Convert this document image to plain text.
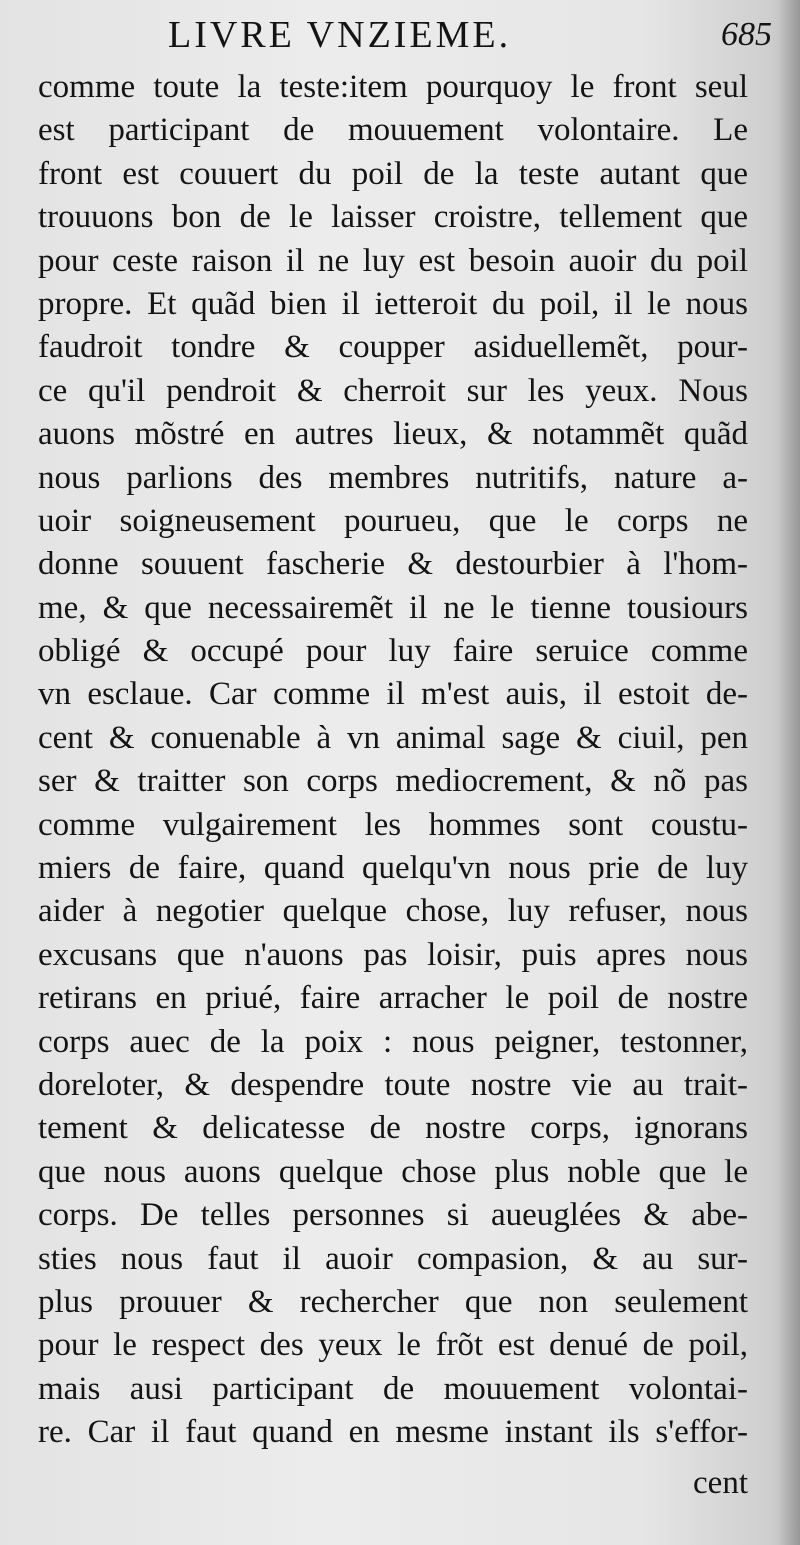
LIVRE VNZIEME.	685
comme toute la teste:item pourquoy le front seul
est participant de mouuement volontaire. Le
front est couuert du poil de la teste autant que
trouuons bon de le laisser croistre, tellement que
pour ceste raison il ne luy est besoin auoir du poil
propre. Et quãd bien il ietteroit du poil, il le nous
faudroit tondre & coupper asiduellemẽt, pour-
ce qu'il pendroit & cherroit sur les yeux. Nous
auons mõstré en autres lieux, & notammẽt quãd
nous parlions des membres nutritifs, nature a-
uoir soigneusement pourueu, que le corps ne
donne souuent fascherie & destourbier à l'hom-
me, & que necessairemẽt il ne le tienne tousiours
obligé & occupé pour luy faire seruice comme
vn esclaue. Car comme il m'est auis, il estoit de-
cent & conuenable à vn animal sage & ciuil, pen
ser & traitter son corps mediocrement, & nõ pas
comme vulgairement les hommes sont coustu-
miers de faire, quand quelqu'vn nous prie de luy
aider à negotier quelque chose, luy refuser, nous
excusans que n'auons pas loisir, puis apres nous
retirans en priué, faire arracher le poil de nostre
corps auec de la poix : nous peigner, testonner,
doreloter, & despendre toute nostre vie au trait-
tement & delicatesse de nostre corps, ignorans
que nous auons quelque chose plus noble que le
corps. De telles personnes si aueuglées & abe-
sties nous faut il auoir compasion, & au sur-
plus prouuer & rechercher que non seulement
pour le respect des yeux le frõt est denué de poil,
mais ausi participant de mouuement volontai-
re. Car il faut quand en mesme instant ils s'effor-
cent
